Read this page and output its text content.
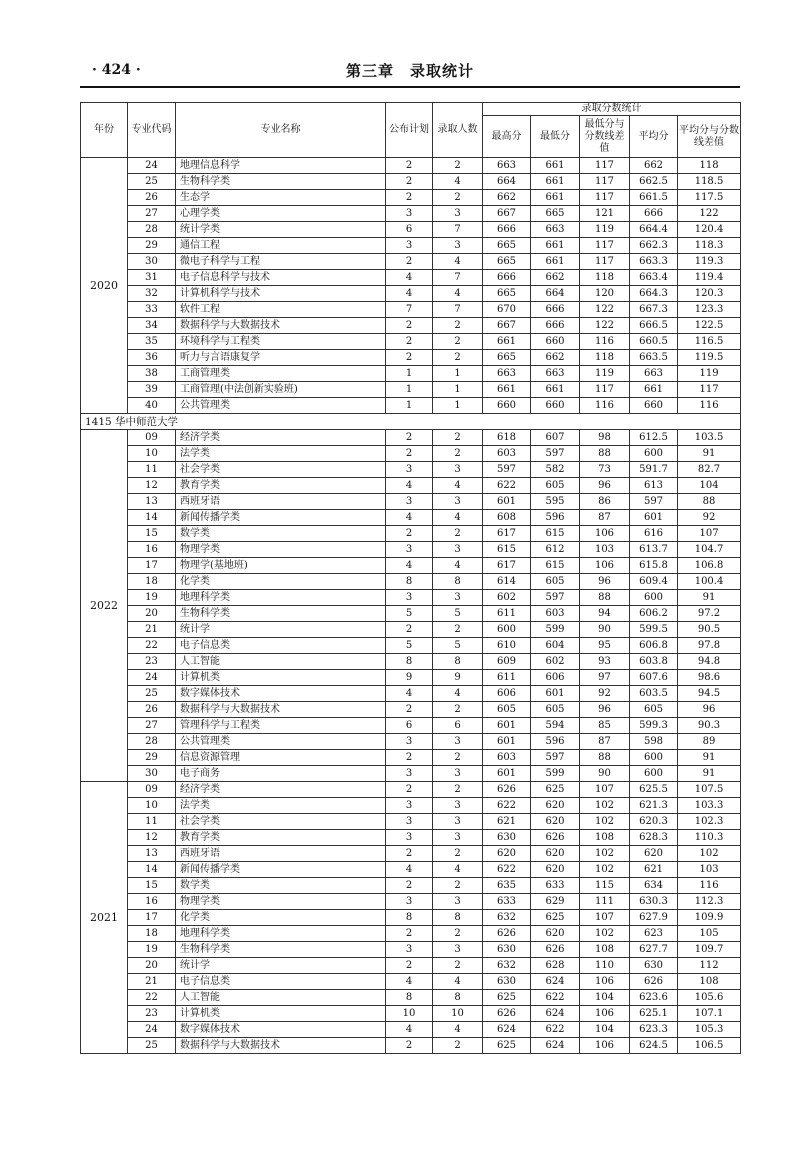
· 424 ·	第三章　录取统计
年份	专业代码	专业名称	公布计划	录取人数	录取分数统计				
					最高分	最低分	最低分与分数线差值	平均分	平均分与分数线差值
2020	24	地理信息科学	2	2	663	661	117	662	118
	25	生物科学类	2	4	664	661	117	662.5	118.5
	26	生态学	2	2	662	661	117	661.5	117.5
	27	心理学类	3	3	667	665	121	666	122
	28	统计学类	6	7	666	663	119	664.4	120.4
	29	通信工程	3	3	665	661	117	662.3	118.3
	30	微电子科学与工程	2	4	665	661	117	663.3	119.3
	31	电子信息科学与技术	4	7	666	662	118	663.4	119.4
	32	计算机科学与技术	4	4	665	664	120	664.3	120.3
	33	软件工程	7	7	670	666	122	667.3	123.3
	34	数据科学与大数据技术	2	2	667	666	122	666.5	122.5
	35	环境科学与工程类	2	2	661	660	116	660.5	116.5
	36	听力与言语康复学	2	2	665	662	118	663.5	119.5
	38	工商管理类	1	1	663	663	119	663	119
	39	工商管理(中法创新实验班)	1	1	661	661	117	661	117
	40	公共管理类	1	1	660	660	116	660	116
1415 华中师范大学									
2022	09	经济学类	2	2	618	607	98	612.5	103.5
	10	法学类	2	2	603	597	88	600	91
	11	社会学类	3	3	597	582	73	591.7	82.7
	12	教育学类	4	4	622	605	96	613	104
	13	西班牙语	3	3	601	595	86	597	88
	14	新闻传播学类	4	4	608	596	87	601	92
	15	数学类	2	2	617	615	106	616	107
	16	物理学类	3	3	615	612	103	613.7	104.7
	17	物理学(基地班)	4	4	617	615	106	615.8	106.8
	18	化学类	8	8	614	605	96	609.4	100.4
	19	地理科学类	3	3	602	597	88	600	91
	20	生物科学类	5	5	611	603	94	606.2	97.2
	21	统计学	2	2	600	599	90	599.5	90.5
	22	电子信息类	5	5	610	604	95	606.8	97.8
	23	人工智能	8	8	609	602	93	603.8	94.8
	24	计算机类	9	9	611	606	97	607.6	98.6
	25	数字媒体技术	4	4	606	601	92	603.5	94.5
	26	数据科学与大数据技术	2	2	605	605	96	605	96
	27	管理科学与工程类	6	6	601	594	85	599.3	90.3
	28	公共管理类	3	3	601	596	87	598	89
	29	信息资源管理	2	2	603	597	88	600	91
	30	电子商务	3	3	601	599	90	600	91
2021	09	经济学类	2	2	626	625	107	625.5	107.5
	10	法学类	3	3	622	620	102	621.3	103.3
	11	社会学类	3	3	621	620	102	620.3	102.3
	12	教育学类	3	3	630	626	108	628.3	110.3
	13	西班牙语	2	2	620	620	102	620	102
	14	新闻传播学类	4	4	622	620	102	621	103
	15	数学类	2	2	635	633	115	634	116
	16	物理学类	3	3	633	629	111	630.3	112.3
	17	化学类	8	8	632	625	107	627.9	109.9
	18	地理科学类	2	2	626	620	102	623	105
	19	生物科学类	3	3	630	626	108	627.7	109.7
	20	统计学	2	2	632	628	110	630	112
	21	电子信息类	4	4	630	624	106	626	108
	22	人工智能	8	8	625	622	104	623.6	105.6
	23	计算机类	10	10	626	624	106	625.1	107.1
	24	数字媒体技术	4	4	624	622	104	623.3	105.3
	25	数据科学与大数据技术	2	2	625	624	106	624.5	106.5
